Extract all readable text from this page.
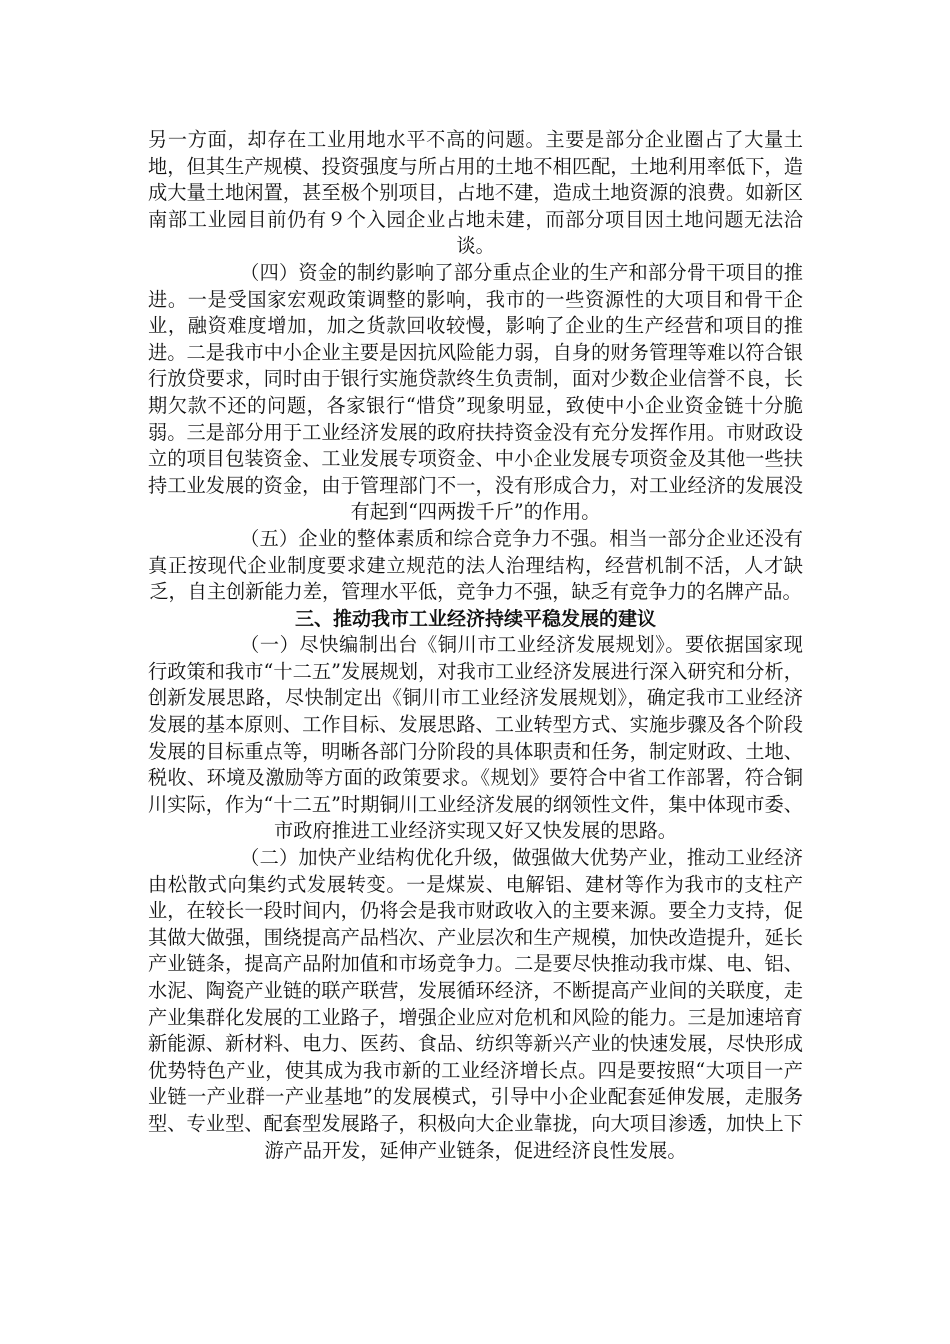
另一方面，却存在工业用地水平不高的问题。主要是部分企业圈占了大量土地，但其生产规模、投资强度与所占用的土地不相匹配，土地利用率低下，造成大量土地闲置，甚至极个别项目，占地不建，造成土地资源的浪费。如新区南部工业园目前仍有９个入园企业占地未建，而部分项目因土地问题无法洽谈。

（四）资金的制约影响了部分重点企业的生产和部分骨干项目的推进。一是受国家宏观政策调整的影响，我市的一些资源性的大项目和骨干企业，融资难度增加，加之货款回收较慢，影响了企业的生产经营和项目的推进。二是我市中小企业主要是因抗风险能力弱，自身的财务管理等难以符合银行放贷要求，同时由于银行实施贷款终生负责制，面对少数企业信誉不良，长期欠款不还的问题，各家银行“惜贷”现象明显，致使中小企业资金链十分脆弱。三是部分用于工业经济发展的政府扶持资金没有充分发挥作用。市财政设立的项目包装资金、工业发展专项资金、中小企业发展专项资金及其他一些扶持工业发展的资金，由于管理部门不一，没有形成合力，对工业经济的发展没有起到“四两拨千斤”的作用。

（五）企业的整体素质和综合竞争力不强。相当一部分企业还没有真正按现代企业制度要求建立规范的法人治理结构，经营机制不活，人才缺乏，自主创新能力差，管理水平低，竞争力不强，缺乏有竞争力的名牌产品。

三、推动我市工业经济持续平稳发展的建议

（一）尽快编制出台《铜川市工业经济发展规划》。要依据国家现行政策和我市“十二五”发展规划，对我市工业经济发展进行深入研究和分析，创新发展思路，尽快制定出《铜川市工业经济发展规划》，确定我市工业经济发展的基本原则、工作目标、发展思路、工业转型方式、实施步骤及各个阶段发展的目标重点等，明晰各部门分阶段的具体职责和任务，制定财政、土地、税收、环境及激励等方面的政策要求。《规划》要符合中省工作部署，符合铜川实际，作为“十二五”时期铜川工业经济发展的纲领性文件，集中体现市委、市政府推进工业经济实现又好又快发展的思路。

（二）加快产业结构优化升级，做强做大优势产业，推动工业经济由松散式向集约式发展转变。一是煤炭、电解铝、建材等作为我市的支柱产业，在较长一段时间内，仍将会是我市财政收入的主要来源。要全力支持，促其做大做强，围绕提高产品档次、产业层次和生产规模，加快改造提升，延长产业链条，提高产品附加值和市场竞争力。二是要尽快推动我市煤、电、铝、水泥、陶瓷产业链的联产联营，发展循环经济，不断提高产业间的关联度，走产业集群化发展的工业路子，增强企业应对危机和风险的能力。三是加速培育新能源、新材料、电力、医药、食品、纺织等新兴产业的快速发展，尽快形成优势特色产业，使其成为我市新的工业经济增长点。四是要按照“大项目一产业链一产业群一产业基地”的发展模式，引导中小企业配套延伸发展，走服务型、专业型、配套型发展路子，积极向大企业靠拢，向大项目渗透，加快上下游产品开发，延伸产业链条，促进经济良性发展。
